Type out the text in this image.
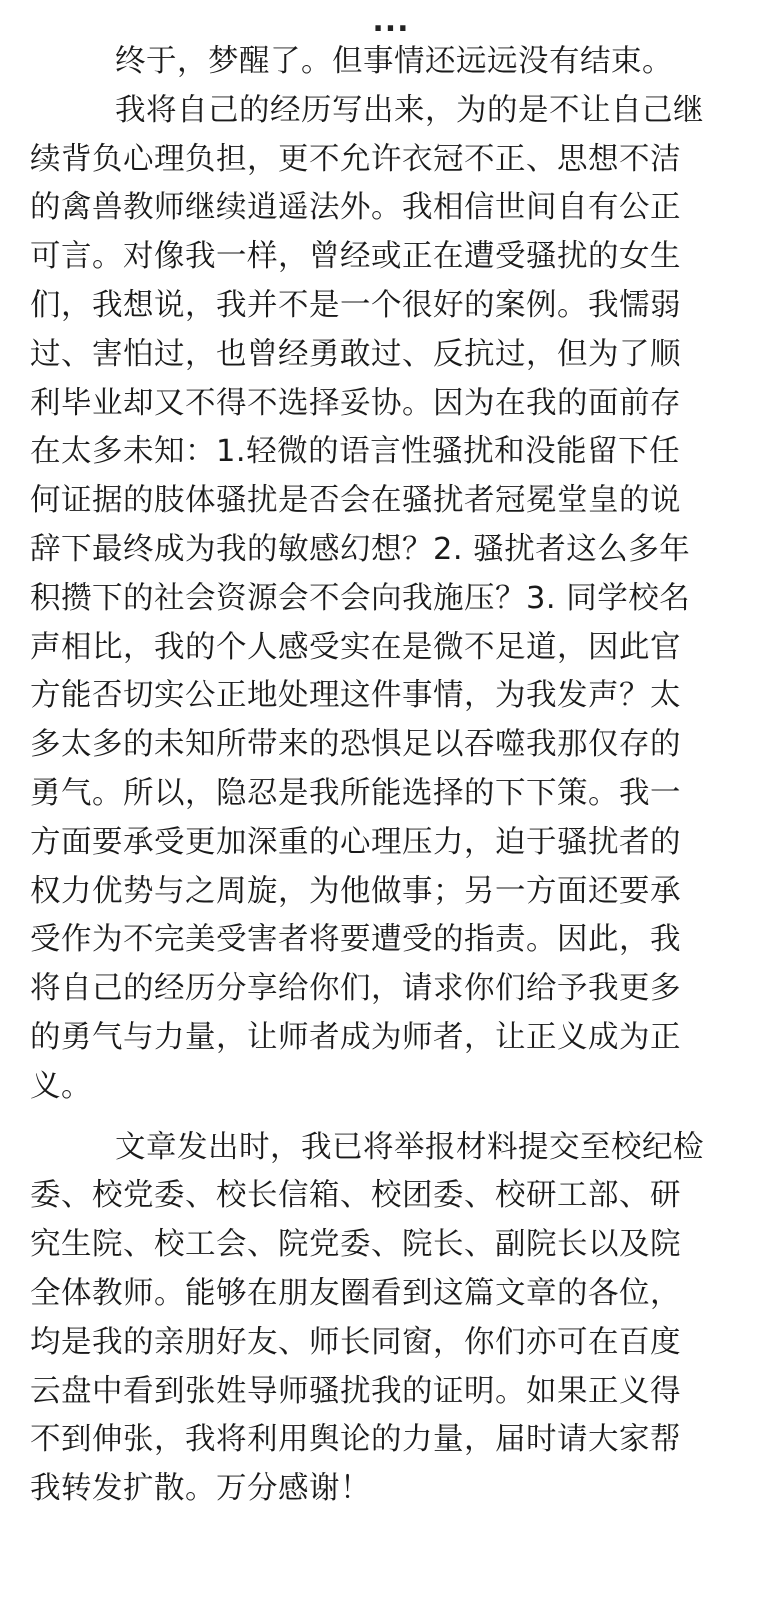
...
终于，梦醒了。但事情还远远没有结束。
我将自己的经历写出来，为的是不让自己继
续背负心理负担，更不允许衣冠不正、思想不洁
的禽兽教师继续逍遥法外。我相信世间自有公正
可言。对像我一样，曾经或正在遭受骚扰的女生
们，我想说，我并不是一个很好的案例。我懦弱
过、害怕过，也曾经勇敢过、反抗过，但为了顺
利毕业却又不得不选择妥协。因为在我的面前存
在太多未知：1.轻微的语言性骚扰和没能留下任
何证据的肢体骚扰是否会在骚扰者冠冕堂皇的说
辞下最终成为我的敏感幻想？2. 骚扰者这么多年
积攒下的社会资源会不会向我施压？3. 同学校名
声相比，我的个人感受实在是微不足道，因此官
方能否切实公正地处理这件事情，为我发声？太
多太多的未知所带来的恐惧足以吞噬我那仅存的
勇气。所以，隐忍是我所能选择的下下策。我一
方面要承受更加深重的心理压力，迫于骚扰者的
权力优势与之周旋，为他做事；另一方面还要承
受作为不完美受害者将要遭受的指责。因此，我
将自己的经历分享给你们，请求你们给予我更多
的勇气与力量，让师者成为师者，让正义成为正
义。
文章发出时，我已将举报材料提交至校纪检
委、校党委、校长信箱、校团委、校研工部、研
究生院、校工会、院党委、院长、副院长以及院
全体教师。能够在朋友圈看到这篇文章的各位，
均是我的亲朋好友、师长同窗，你们亦可在百度
云盘中看到张姓导师骚扰我的证明。如果正义得
不到伸张，我将利用舆论的力量，届时请大家帮
我转发扩散。万分感谢！
